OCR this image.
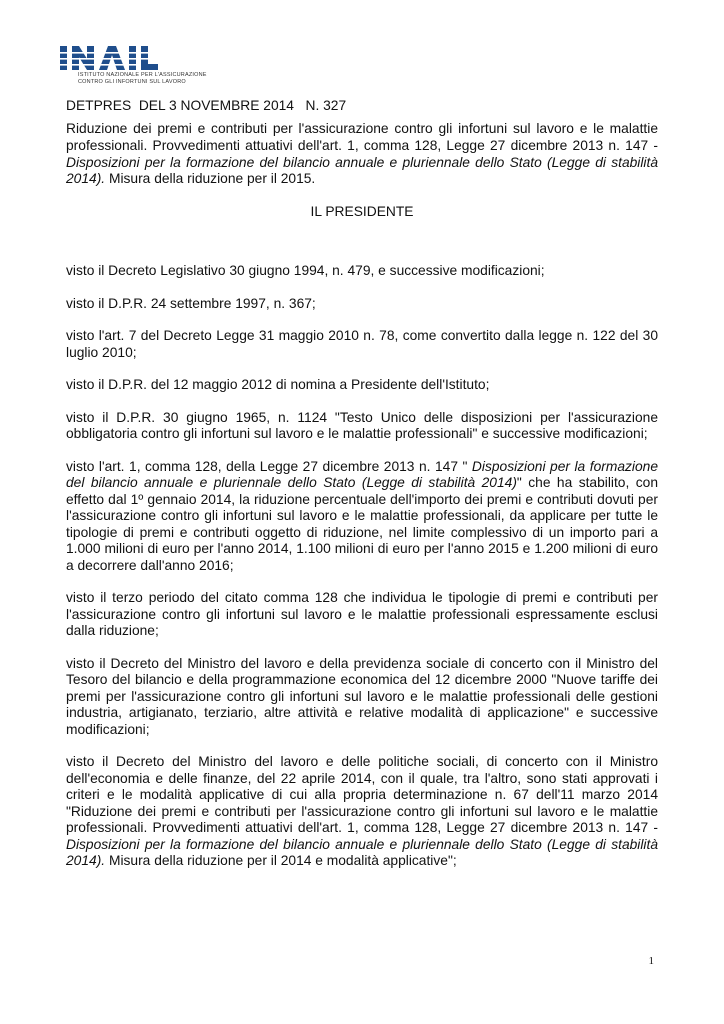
ISTITUTO NAZIONALE PER L'ASSICURAZIONE CONTRO GLI INFORTUNI SUL LAVORO
DETPRES  DEL 3 NOVEMBRE 2014   N. 327
Riduzione dei premi e contributi per l'assicurazione contro gli infortuni sul lavoro e le malattie professionali. Provvedimenti attuativi dell'art. 1, comma 128, Legge 27 dicembre 2013 n. 147 - Disposizioni per la formazione del bilancio annuale e pluriennale dello Stato (Legge di stabilità 2014). Misura della riduzione per il 2015.
IL PRESIDENTE

visto il Decreto Legislativo 30 giugno 1994, n. 479, e successive modificazioni;

visto il D.P.R. 24 settembre 1997, n. 367;

visto l'art. 7 del Decreto Legge 31 maggio 2010 n. 78, come convertito dalla legge n. 122 del 30 luglio 2010;

visto il D.P.R. del 12 maggio 2012 di nomina a Presidente dell'Istituto;

visto il D.P.R. 30 giugno 1965, n. 1124 "Testo Unico delle disposizioni per l'assicurazione obbligatoria contro gli infortuni sul lavoro e le malattie professionali" e successive modificazioni;

visto l'art. 1, comma 128, della Legge 27 dicembre 2013 n. 147 " Disposizioni per la formazione del bilancio annuale e pluriennale dello Stato (Legge di stabilità 2014)" che ha stabilito, con effetto dal 1º gennaio 2014, la riduzione percentuale dell'importo dei premi e contributi dovuti per l'assicurazione contro gli infortuni sul lavoro e le malattie professionali, da applicare per tutte le tipologie di premi e contributi oggetto di riduzione, nel limite complessivo di un importo pari a 1.000 milioni di euro per l'anno 2014, 1.100 milioni di euro per l'anno 2015 e 1.200 milioni di euro a decorrere dall'anno 2016;

visto il terzo periodo del citato comma 128 che individua le tipologie di premi e contributi per l'assicurazione contro gli infortuni sul lavoro e le malattie professionali espressamente esclusi dalla riduzione;

visto il Decreto del Ministro del lavoro e della previdenza sociale di concerto con il Ministro del Tesoro del bilancio e della programmazione economica del 12 dicembre 2000 "Nuove tariffe dei premi per l'assicurazione contro gli infortuni sul lavoro e le malattie professionali delle gestioni industria, artigianato, terziario, altre attività e relative modalità di applicazione" e successive modificazioni;

visto il Decreto del Ministro del lavoro e delle politiche sociali, di concerto con il Ministro dell'economia e delle finanze, del 22 aprile 2014, con il quale, tra l'altro, sono stati approvati i criteri e le modalità applicative di cui alla propria determinazione n. 67 dell'11 marzo 2014 "Riduzione dei premi e contributi per l'assicurazione contro gli infortuni sul lavoro e le malattie professionali. Provvedimenti attuativi dell'art. 1, comma 128, Legge 27 dicembre 2013 n. 147 - Disposizioni per la formazione del bilancio annuale e pluriennale dello Stato (Legge di stabilità 2014). Misura della riduzione per il 2014 e modalità applicative";

1
